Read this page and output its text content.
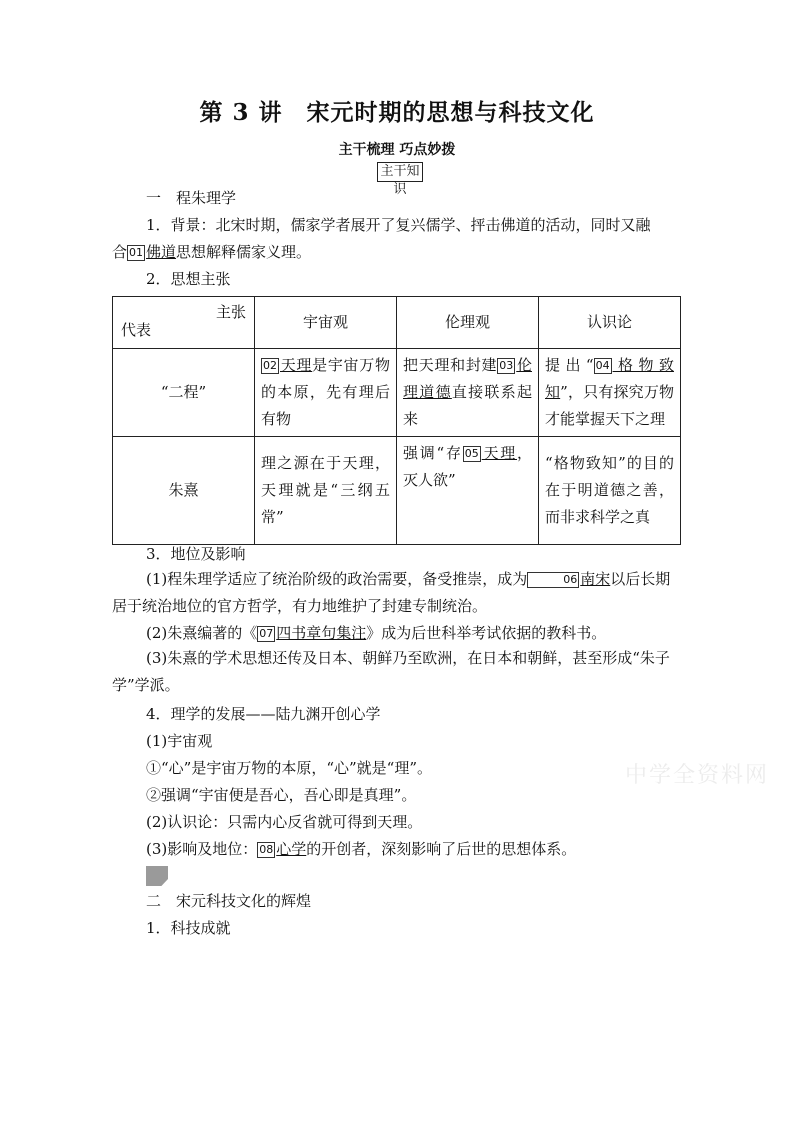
第 3 讲　宋元时期的思想与科技文化
主干梳理 巧点妙拨
主干知识
一　程朱理学
1．背景：北宋时期，儒家学者展开了复兴儒学、抨击佛道的活动，同时又融
合 01 佛道思想解释儒家义理。
2．思想主张
主张
代表	宇宙观	伦理观	认识论
“二程”	02 天理是宇宙万物的本原，先有理后有物	把天理和封建 03 伦理道德直接联系起来	提出“ 04 格物致知”，只有探究万物才能掌握天下之理
朱熹	理之源在于天理，天理就是“三纲五常”	强调“存 05 天理，灭人欲”	“格物致知”的目的在于明道德之善，而非求科学之真
3．地位及影响
(1)程朱理学适应了统治阶级的政治需要，备受推崇，成为	06 南宋以后长期居于统治地位的官方哲学，有力地维护了封建专制统治。
(2)朱熹编著的《 07 四书章句集注》成为后世科举考试依据的教科书。
(3)朱熹的学术思想还传及日本、朝鲜乃至欧洲，在日本和朝鲜，甚至形成“朱子学”学派。
4．理学的发展——陆九渊开创心学
(1)宇宙观
①“心”是宇宙万物的本原，“心”就是“理”。
②强调“宇宙便是吾心，吾心即是真理”。
(2)认识论：只需内心反省就可得到天理。
(3)影响及地位： 08 心学的开创者，深刻影响了后世的思想体系。
二　宋元科技文化的辉煌
1．科技成就
中学全资料网
